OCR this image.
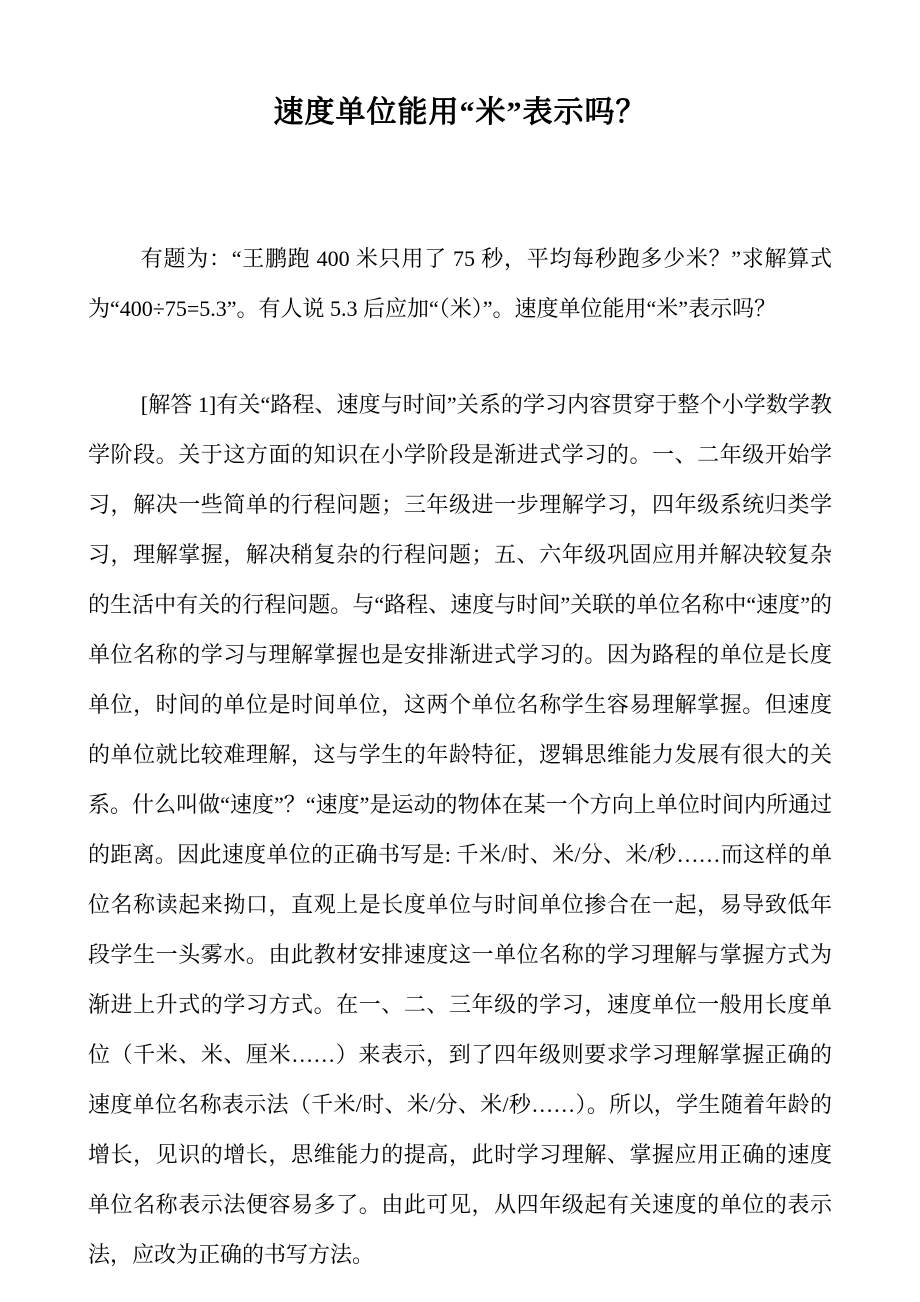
速度单位能用“米”表示吗？

有题为：“王鹏跑 400 米只用了 75 秒，平均每秒跑多少米？”求解算式为“400÷75=5.3”。有人说 5.3 后应加“（米）”。速度单位能用“米”表示吗？

[解答 1]有关“路程、速度与时间”关系的学习内容贯穿于整个小学数学教学阶段。关于这方面的知识在小学阶段是渐进式学习的。一、二年级开始学习，解决一些简单的行程问题；三年级进一步理解学习，四年级系统归类学习，理解掌握，解决稍复杂的行程问题；五、六年级巩固应用并解决较复杂的生活中有关的行程问题。与“路程、速度与时间”关联的单位名称中“速度”的单位名称的学习与理解掌握也是安排渐进式学习的。因为路程的单位是长度单位，时间的单位是时间单位，这两个单位名称学生容易理解掌握。但速度的单位就比较难理解，这与学生的年龄特征，逻辑思维能力发展有很大的关系。什么叫做“速度”？“速度”是运动的物体在某一个方向上单位时间内所通过的距离。因此速度单位的正确书写是: 千米/时、米/分、米/秒……而这样的单位名称读起来拗口，直观上是长度单位与时间单位掺合在一起，易导致低年段学生一头雾水。由此教材安排速度这一单位名称的学习理解与掌握方式为渐进上升式的学习方式。在一、二、三年级的学习，速度单位一般用长度单位（千米、米、厘米……）来表示，到了四年级则要求学习理解掌握正确的速度单位名称表示法（千米/时、米/分、米/秒……）。所以，学生随着年龄的增长，见识的增长，思维能力的提高，此时学习理解、掌握应用正确的速度单位名称表示法便容易多了。由此可见，从四年级起有关速度的单位的表示法，应改为正确的书写方法。
